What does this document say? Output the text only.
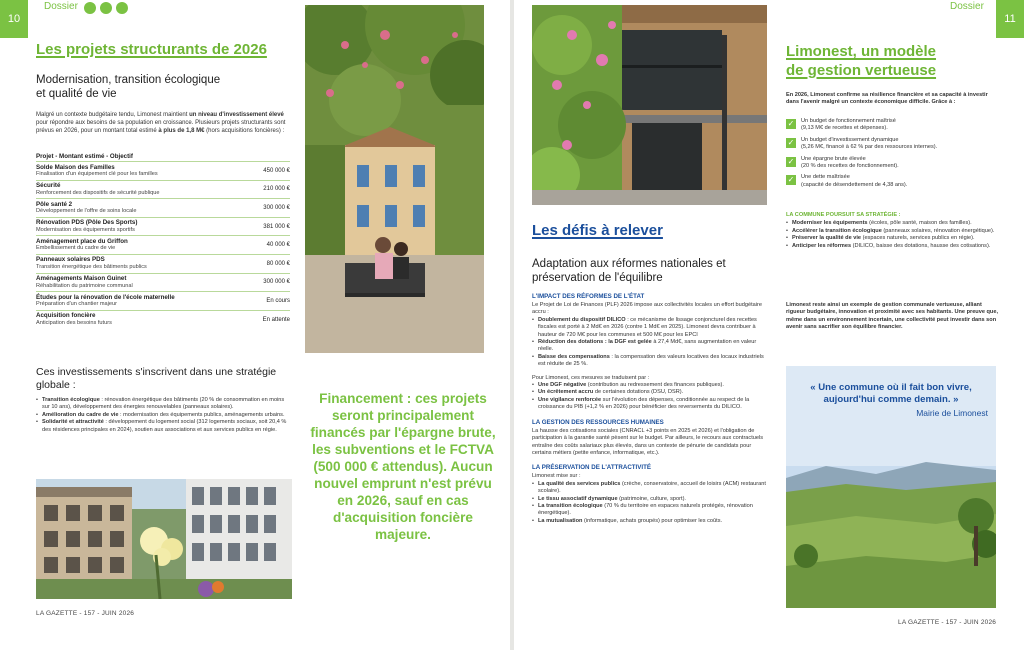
10
Dossier
Les projets structurants de 2026
Modernisation, transition écologique
et qualité de vie
Malgré un contexte budgétaire tendu, Limonest maintient un niveau d'investissement élevé pour répondre aux besoins de sa population en croissance. Plusieurs projets structurants sont prévus en 2026, pour un montant total estimé à plus de 1,8 M€ (hors acquisitions foncières) :
Projet - Montant estimé - Objectif
Solde Maison des Familles
Finalisation d'un équipement clé pour les familles
450 000 €
Sécurité
Renforcement des dispositifs de sécurité publique
210 000 €
Pôle santé 2
Développement de l'offre de soins locale
300 000 €
Rénovation PDS (Pôle Des Sports)
Modernisation des équipements sportifs
381 000 €
Aménagement place du Griffon
Embellissement du cadre de vie
40 000 €
Panneaux solaires PDS
Transition énergétique des bâtiments publics
80 000 €
Aménagements Maison Guinet
Réhabilitation du patrimoine communal
300 000 €
Études pour la rénovation de l'école maternelle
Préparation d'un chantier majeur
En cours
Acquisition foncière
Anticipation des besoins futurs
En attente
Ces investissements s'inscrivent dans une stratégie globale :
• Transition écologique : rénovation énergétique des bâtiments (20 % de consommation en moins sur 10 ans), développement des énergies renouvelables (panneaux solaires).
• Amélioration du cadre de vie : modernisation des équipements publics, aménagements urbains.
• Solidarité et attractivité : développement du logement social (312 logements sociaux, soit 20,4 % des résidences principales en 2024), soutien aux associations et aux services publics en régie.
Financement : ces projets seront principalement financés par l'épargne brute, les subventions et le FCTVA (500 000 € attendus). Aucun nouvel emprunt n'est prévu en 2026, sauf en cas d'acquisition foncière majeure.
LA GAZETTE - 157 - JUIN 2026
11
Dossier
Les défis à relever
Adaptation aux réformes nationales et
préservation de l'équilibre
L'IMPACT DES RÉFORMES DE L'ÉTAT
Le Projet de Loi de Finances (PLF) 2026 impose aux collectivités locales un effort budgétaire accru :
• Doublement du dispositif DILICO : ce mécanisme de lissage conjoncturel des recettes fiscales est porté à 2 Md€ en 2026 (contre 1 Md€ en 2025). Limonest devra contribuer à hauteur de 720 M€ pour les communes et 500 M€ pour les EPCI
• Réduction des dotations : la DGF est gelée à 27,4 Md€, sans augmentation en valeur réelle.
• Baisse des compensations : la compensation des valeurs locatives des locaux industriels est réduite de 25 %.
Pour Limonest, ces mesures se traduisent par :
• Une DGF négative (contribution au redressement des finances publiques).
• Un écrêtement accru de certaines dotations (DSU, DSR).
• Une vigilance renforcée sur l'évolution des dépenses, conditionnée au respect de la croissance du PIB (+1,2 % en 2026) pour bénéficier des reversements du DILICO.
LA GESTION DES RESSOURCES HUMAINES
La hausse des cotisations sociales (CNRACL +3 points en 2025 et 2026) et l'obligation de participation à la garantie santé pèsent sur le budget. Par ailleurs, le recours aux contractuels entraîne des coûts salariaux plus élevés, dans un contexte de pénurie de candidats pour certains métiers (petite enfance, informatique, etc.).
LA PRÉSERVATION DE L'ATTRACTIVITÉ
Limonest mise sur :
• La qualité des services publics (crèche, conservatoire, accueil de loisirs (ACM) restaurant scolaire).
• Le tissu associatif dynamique (patrimoine, culture, sport).
• La transition écologique (70 % du territoire en espaces naturels protégés, rénovation énergétique).
• La mutualisation (informatique, achats groupés) pour optimiser les coûts.
Limonest, un modèle
de gestion vertueuse
En 2026, Limonest confirme sa résilience financière et sa capacité à investir dans l'avenir malgré un contexte économique difficile. Grâce à :
✓ Un budget de fonctionnement maîtrisé
(9,13 M€ de recettes et dépenses).
✓ Un budget d'investissement dynamique
(5,26 M€, financé à 62 % par des ressources internes).
✓ Une épargne brute élevée
(20 % des recettes de fonctionnement).
✓ Une dette maîtrisée
(capacité de désendettement de 4,38 ans).
LA COMMUNE POURSUIT SA STRATÉGIE :
• Moderniser les équipements (écoles, pôle santé, maison des familles).
• Accélérer la transition écologique (panneaux solaires, rénovation énergétique).
• Préserver la qualité de vie (espaces naturels, services publics en régie).
• Anticiper les réformes (DILICO, baisse des dotations, hausse des cotisations).
Limonest reste ainsi un exemple de gestion communale vertueuse, alliant rigueur budgétaire, innovation et proximité avec ses habitants. Une preuve que, même dans un environnement incertain, une collectivité peut investir dans son avenir sans sacrifier son équilibre financier.
« Une commune où il fait bon vivre, aujourd'hui comme demain. »
Mairie de Limonest
LA GAZETTE - 157 - JUIN 2026
